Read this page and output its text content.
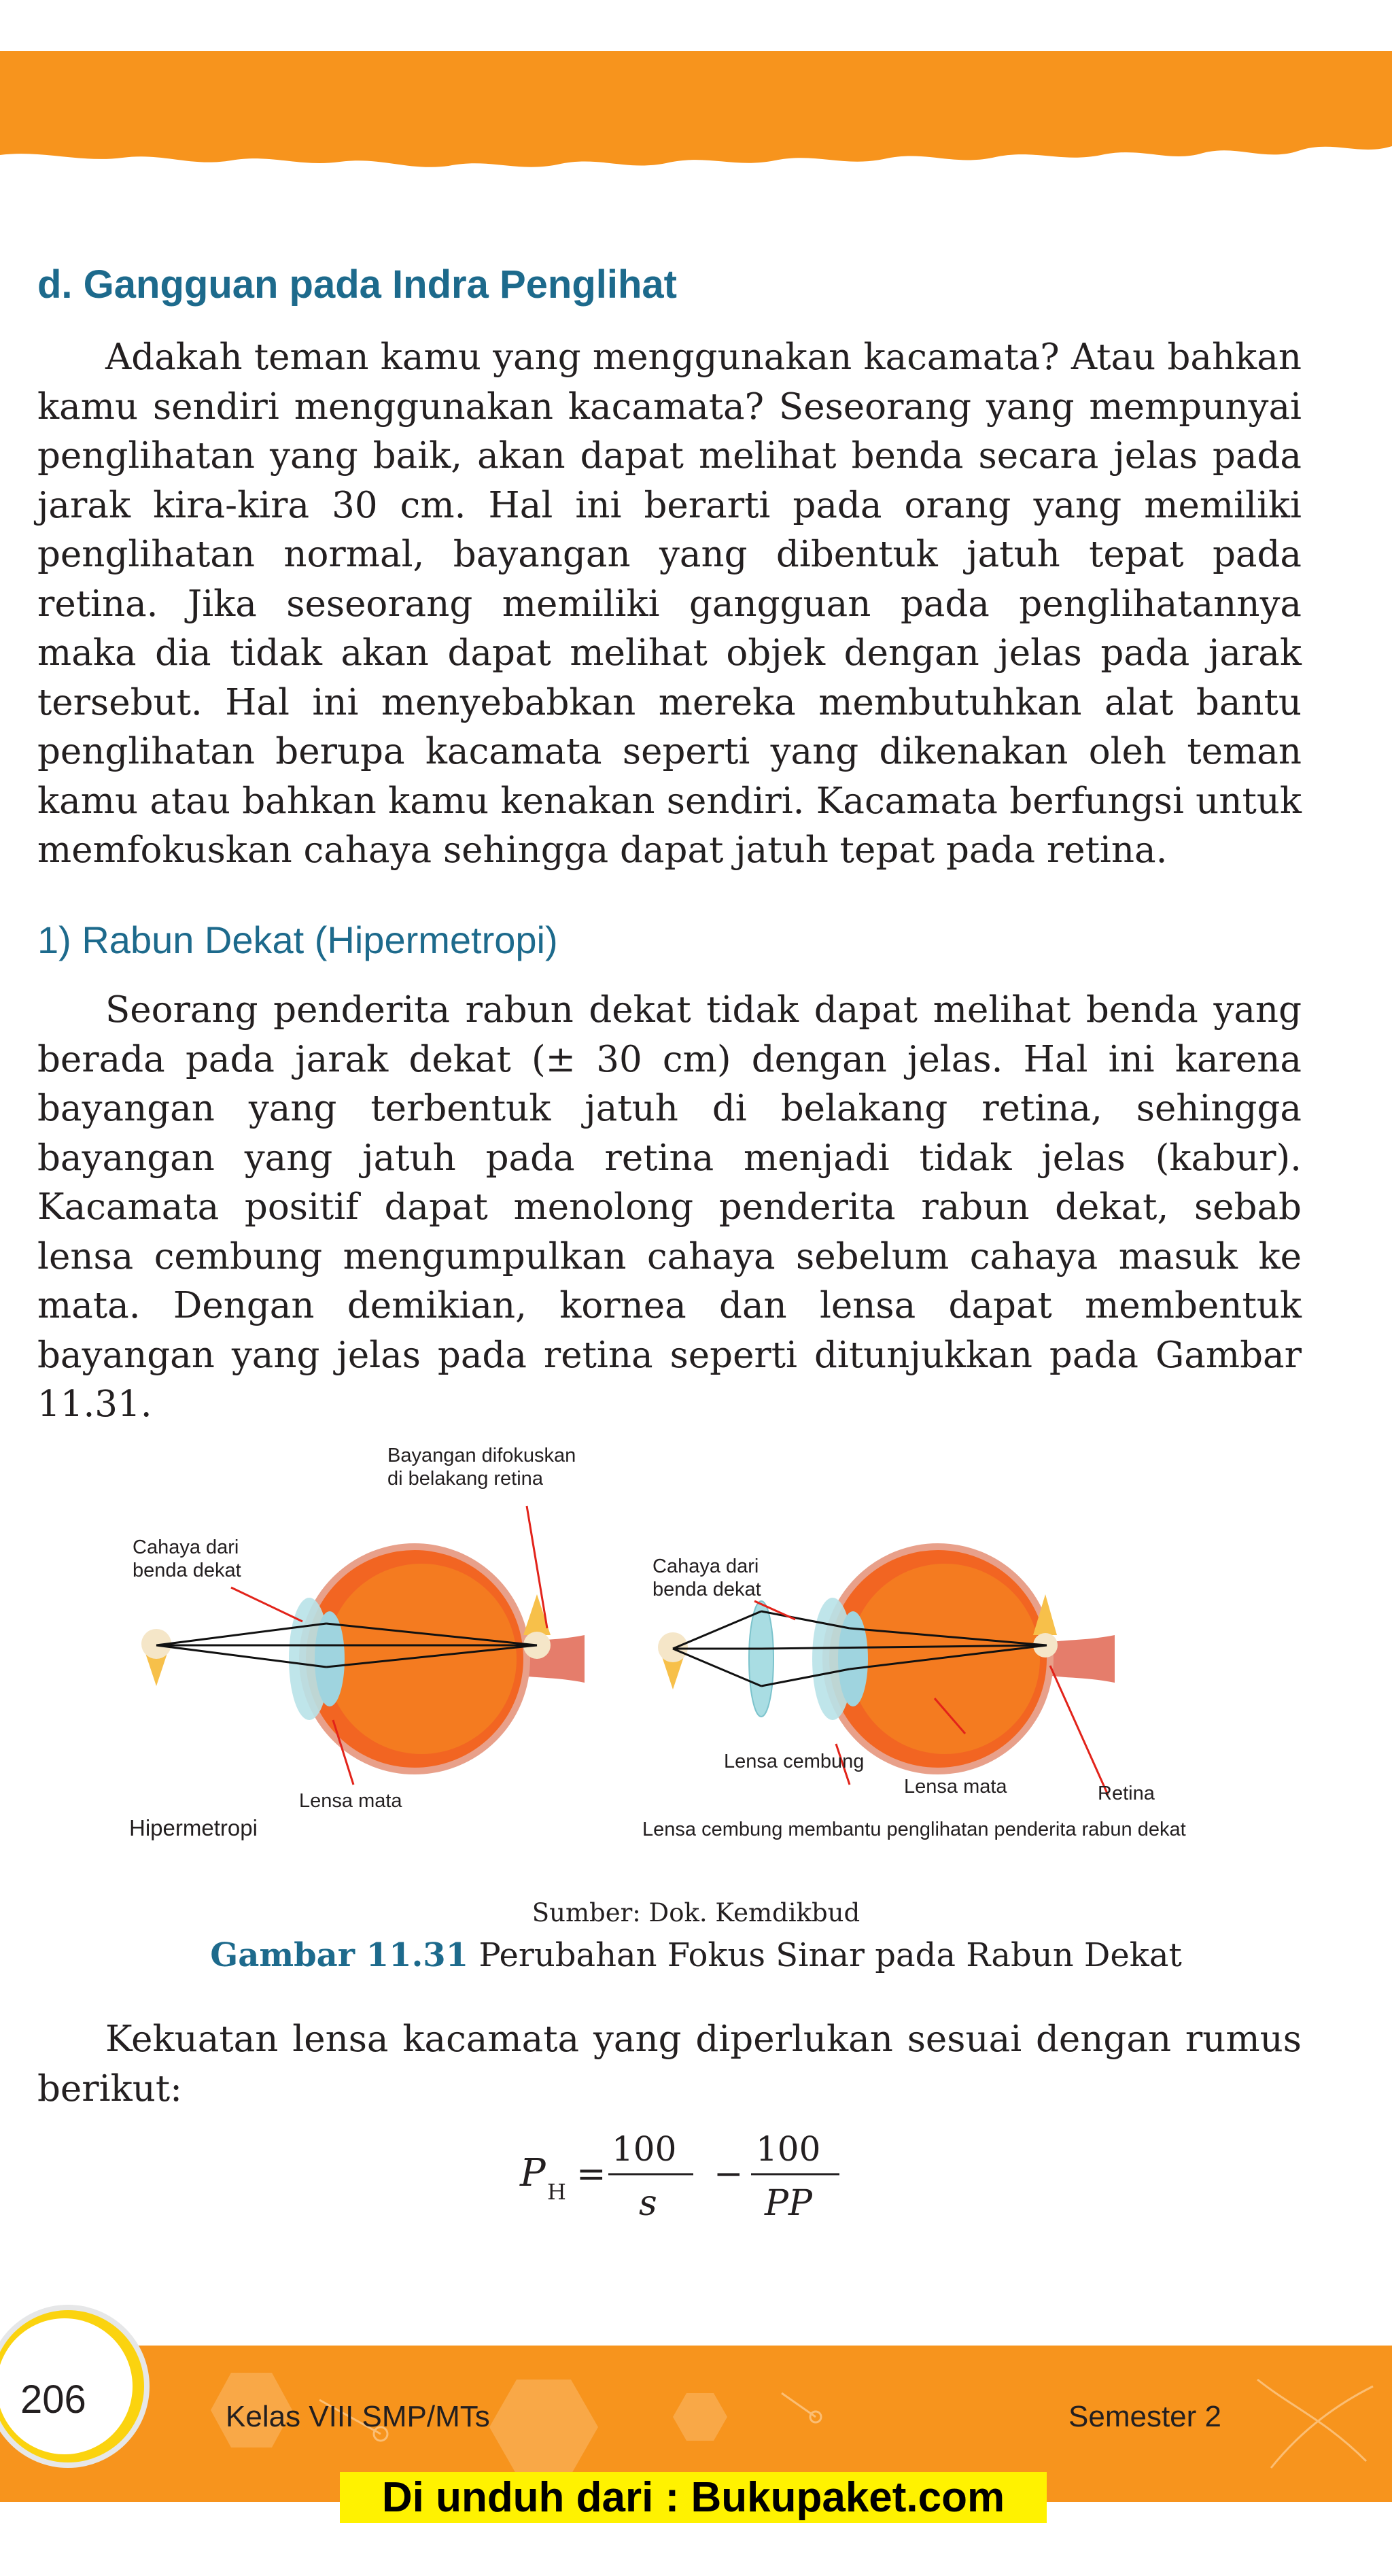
d. Gangguan pada Indra Penglihat

Adakah teman kamu yang menggunakan kacamata? Atau bahkan kamu sendiri menggunakan kacamata? Seseorang yang mempunyai penglihatan yang baik, akan dapat melihat benda secara jelas pada jarak kira-kira 30 cm. Hal ini berarti pada orang yang memiliki penglihatan normal, bayangan yang dibentuk jatuh tepat pada retina. Jika seseorang memiliki gangguan pada penglihatannya maka dia tidak akan dapat melihat objek dengan jelas pada jarak tersebut. Hal ini menyebabkan mereka membutuhkan alat bantu penglihatan berupa kacamata seperti yang dikenakan oleh teman kamu atau bahkan kamu kenakan sendiri. Kacamata berfungsi untuk memfokuskan cahaya sehingga dapat jatuh tepat pada retina.

1) Rabun Dekat (Hipermetropi)

Seorang penderita rabun dekat tidak dapat melihat benda yang berada pada jarak dekat (± 30 cm) dengan jelas. Hal ini karena bayangan yang terbentuk jatuh di belakang retina, sehingga bayangan yang jatuh pada retina menjadi tidak jelas (kabur). Kacamata positif dapat menolong penderita rabun dekat, sebab lensa cembung mengumpulkan cahaya sebelum cahaya masuk ke mata. Dengan demikian, kornea dan lensa dapat membentuk bayangan yang jelas pada retina seperti ditunjukkan pada Gambar 11.31.

Bayangan difokuskan
di belakang retina
Cahaya dari
benda dekat
Lensa mata
Hipermetropi
Cahaya dari
benda dekat
Lensa cembung
Lensa mata	Retina
Lensa cembung membantu penglihatan penderita rabun dekat
Sumber: Dok. Kemdikbud
Gambar 11.31 Perubahan Fokus Sinar pada Rabun Dekat

Kekuatan lensa kacamata yang diperlukan sesuai dengan rumus berikut:

P H =
100
s
−
100
PP
206	Kelas VIII SMP/MTs	Semester 2
Di unduh dari : Bukupaket.com
